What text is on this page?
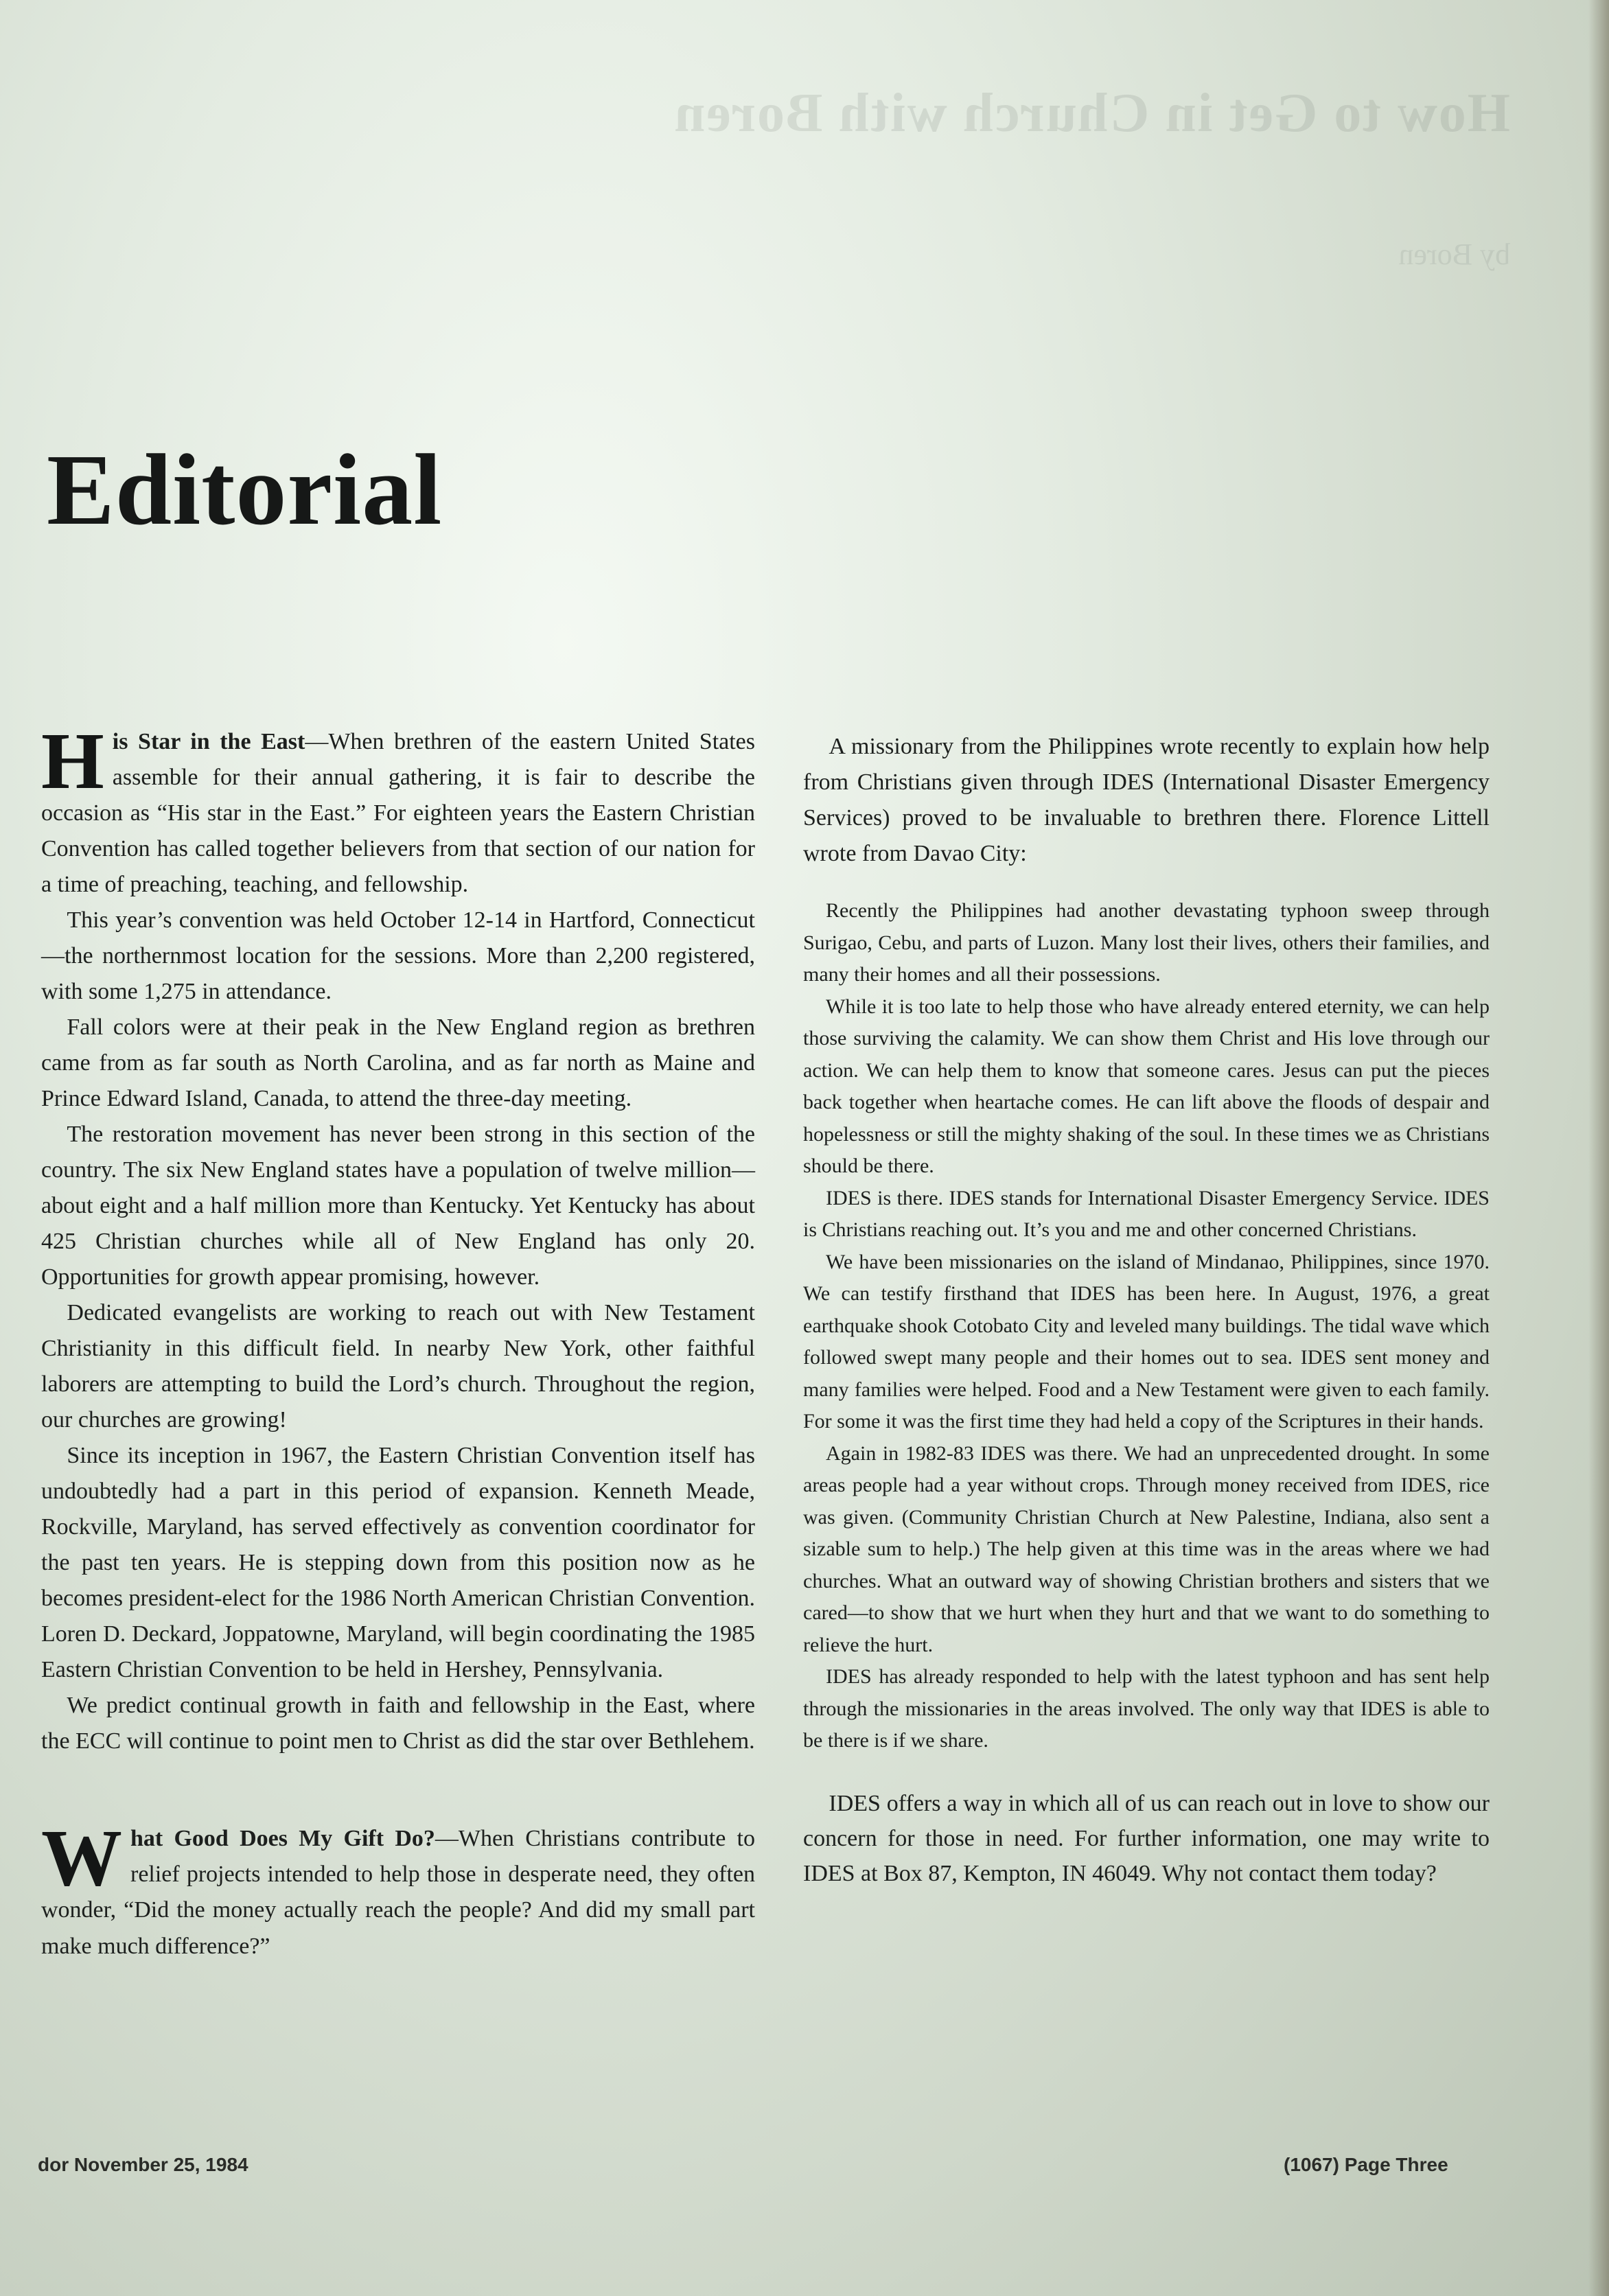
How to Get in Church with Boren
by Boren
Editorial

His Star in the East—When brethren of the eastern United States assemble for their annual gathering, it is fair to describe the occasion as “His star in the East.” For eighteen years the Eastern Christian Convention has called together believers from that section of our nation for a time of preaching, teaching, and fellowship.

This year’s convention was held October 12-14 in Hartford, Connecticut—the northernmost location for the sessions. More than 2,200 registered, with some 1,275 in attendance.

Fall colors were at their peak in the New England region as brethren came from as far south as North Carolina, and as far north as Maine and Prince Edward Island, Canada, to attend the three-day meeting.

The restoration movement has never been strong in this section of the country. The six New England states have a population of twelve million—about eight and a half million more than Kentucky. Yet Kentucky has about 425 Christian churches while all of New England has only 20. Opportunities for growth appear promising, however.

Dedicated evangelists are working to reach out with New Testament Christianity in this difficult field. In nearby New York, other faithful laborers are attempting to build the Lord’s church. Throughout the region, our churches are growing!

Since its inception in 1967, the Eastern Christian Convention itself has undoubtedly had a part in this period of expansion. Kenneth Meade, Rockville, Maryland, has served effectively as convention coordinator for the past ten years. He is stepping down from this position now as he becomes president-elect for the 1986 North American Christian Convention. Loren D. Deckard, Joppatowne, Maryland, will begin coordinating the 1985 Eastern Christian Convention to be held in Hershey, Pennsylvania.

We predict continual growth in faith and fellowship in the East, where the ECC will continue to point men to Christ as did the star over Bethlehem.

What Good Does My Gift Do?—When Christians contribute to relief projects intended to help those in desperate need, they often wonder, “Did the money actually reach the people? And did my small part make much difference?”

A missionary from the Philippines wrote recently to explain how help from Christians given through IDES (International Disaster Emergency Services) proved to be invaluable to brethren there. Florence Littell wrote from Davao City:

Recently the Philippines had another devastating typhoon sweep through Surigao, Cebu, and parts of Luzon. Many lost their lives, others their families, and many their homes and all their possessions.

While it is too late to help those who have already entered eternity, we can help those surviving the calamity. We can show them Christ and His love through our action. We can help them to know that someone cares. Jesus can put the pieces back together when heartache comes. He can lift above the floods of despair and hopelessness or still the mighty shaking of the soul. In these times we as Christians should be there.

IDES is there. IDES stands for International Disaster Emergency Service. IDES is Christians reaching out. It’s you and me and other concerned Christians.

We have been missionaries on the island of Mindanao, Philippines, since 1970. We can testify firsthand that IDES has been here. In August, 1976, a great earthquake shook Cotobato City and leveled many buildings. The tidal wave which followed swept many people and their homes out to sea. IDES sent money and many families were helped. Food and a New Testament were given to each family. For some it was the first time they had held a copy of the Scriptures in their hands.

Again in 1982-83 IDES was there. We had an unprecedented drought. In some areas people had a year without crops. Through money received from IDES, rice was given. (Community Christian Church at New Palestine, Indiana, also sent a sizable sum to help.) The help given at this time was in the areas where we had churches. What an outward way of showing Christian brothers and sisters that we cared—to show that we hurt when they hurt and that we want to do something to relieve the hurt.

IDES has already responded to help with the latest typhoon and has sent help through the missionaries in the areas involved. The only way that IDES is able to be there is if we share.

IDES offers a way in which all of us can reach out in love to show our concern for those in need. For further information, one may write to IDES at Box 87, Kempton, IN 46049. Why not contact them today?

dor November 25, 1984	(1067) Page Three
